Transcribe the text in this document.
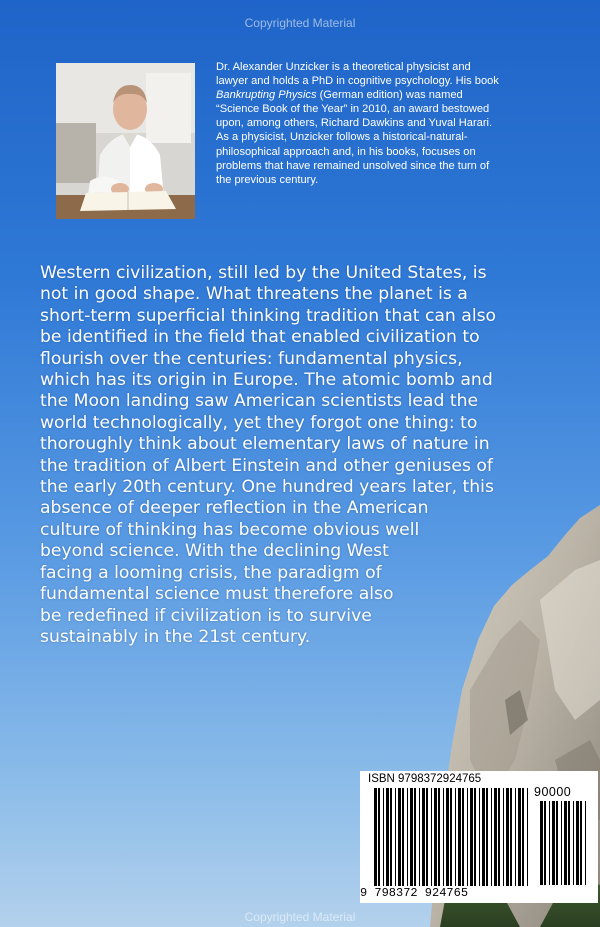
Copyrighted Material
Dr. Alexander Unzicker is a theoretical physicist and
lawyer and holds a PhD in cognitive psychology. His book
Bankrupting Physics (German edition) was named
“Science Book of the Year” in 2010, an award bestowed
upon, among others, Richard Dawkins and Yuval Harari.
As a physicist, Unzicker follows a historical-natural-
philosophical approach and, in his books, focuses on
problems that have remained unsolved since the turn of
the previous century.
Western civilization, still led by the United States, is
not in good shape. What threatens the planet is a
short-term superficial thinking tradition that can also
be identified in the field that enabled civilization to
flourish over the centuries: fundamental physics,
which has its origin in Europe. The atomic bomb and
the Moon landing saw American scientists lead the
world technologically, yet they forgot one thing: to
thoroughly think about elementary laws of nature in
the tradition of Albert Einstein and other geniuses of
the early 20th century. One hundred years later, this
absence of deeper reflection in the American
culture of thinking has become obvious well
beyond science. With the declining West
facing a looming crisis, the paradigm of
fundamental science must therefore also
be redefined if civilization is to survive
sustainably in the 21st century.
ISBN 9798372924765
90000
9 798372 924765
Copyrighted Material
